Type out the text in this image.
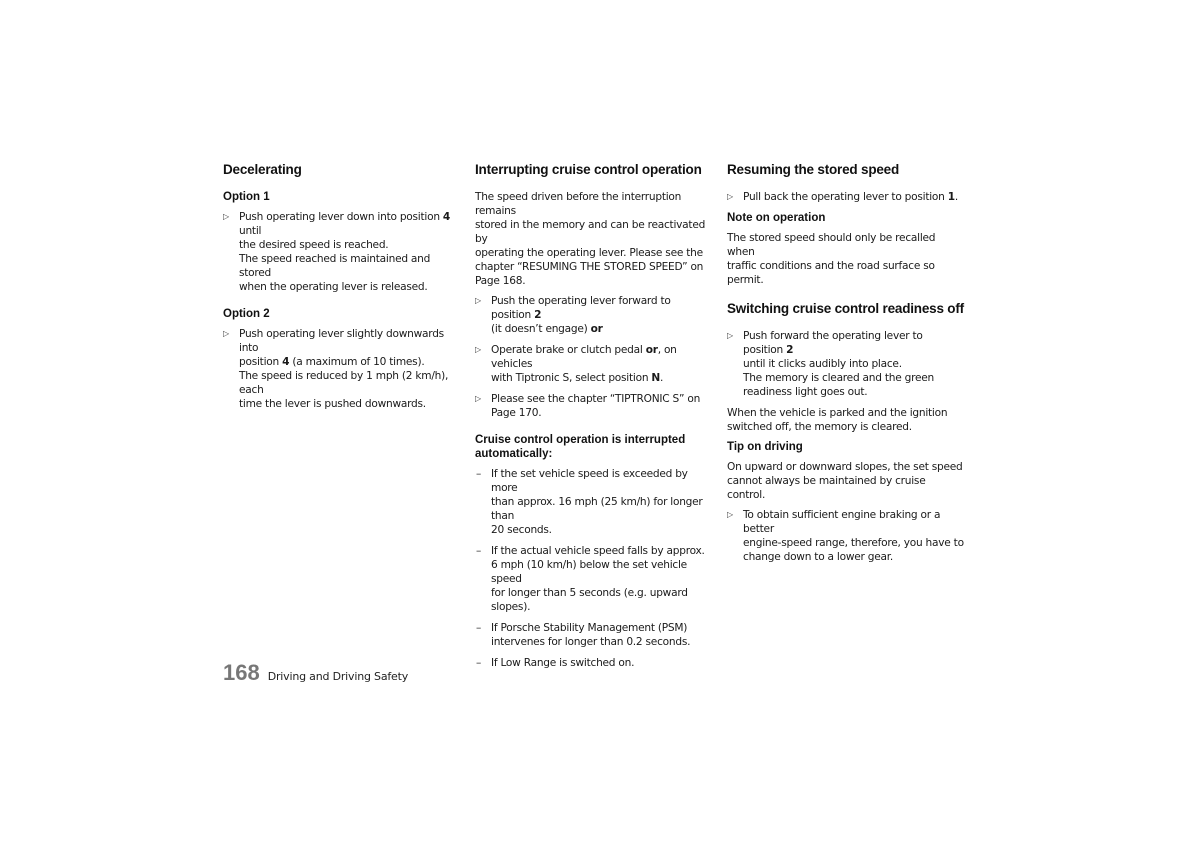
Decelerating
Option 1
▷ Push operating lever down into position 4 until
the desired speed is reached.
The speed reached is maintained and stored
when the operating lever is released.
Option 2
▷ Push operating lever slightly downwards into
position 4 (a maximum of 10 times).
The speed is reduced by 1 mph (2 km/h), each
time the lever is pushed downwards.
Interrupting cruise control operation

The speed driven before the interruption remains
stored in the memory and can be reactivated by
operating the operating lever. Please see the
chapter “RESUMING THE STORED SPEED” on
Page 168.

▷ Push the operating lever forward to position 2
(it doesn’t engage) or
▷ Operate brake or clutch pedal or, on vehicles
with Tiptronic S, select position N.
▷ Please see the chapter “TIPTRONIC S” on
Page 170.
Cruise control operation is interrupted
automatically:
– If the set vehicle speed is exceeded by more
than approx. 16 mph (25 km/h) for longer than
20 seconds.
– If the actual vehicle speed falls by approx.
6 mph (10 km/h) below the set vehicle speed
for longer than 5 seconds (e.g. upward
slopes).
– If Porsche Stability Management (PSM)
intervenes for longer than 0.2 seconds.
– If Low Range is switched on.
Resuming the stored speed
▷ Pull back the operating lever to position 1.
Note on operation

The stored speed should only be recalled when
traffic conditions and the road surface so permit.

Switching cruise control readiness off
▷ Push forward the operating lever to position 2
until it clicks audibly into place.
The memory is cleared and the green
readiness light goes out.

When the vehicle is parked and the ignition
switched off, the memory is cleared.

Tip on driving

On upward or downward slopes, the set speed
cannot always be maintained by cruise control.

▷ To obtain sufficient engine braking or a better
engine-speed range, therefore, you have to
change down to a lower gear.
168 Driving and Driving Safety
